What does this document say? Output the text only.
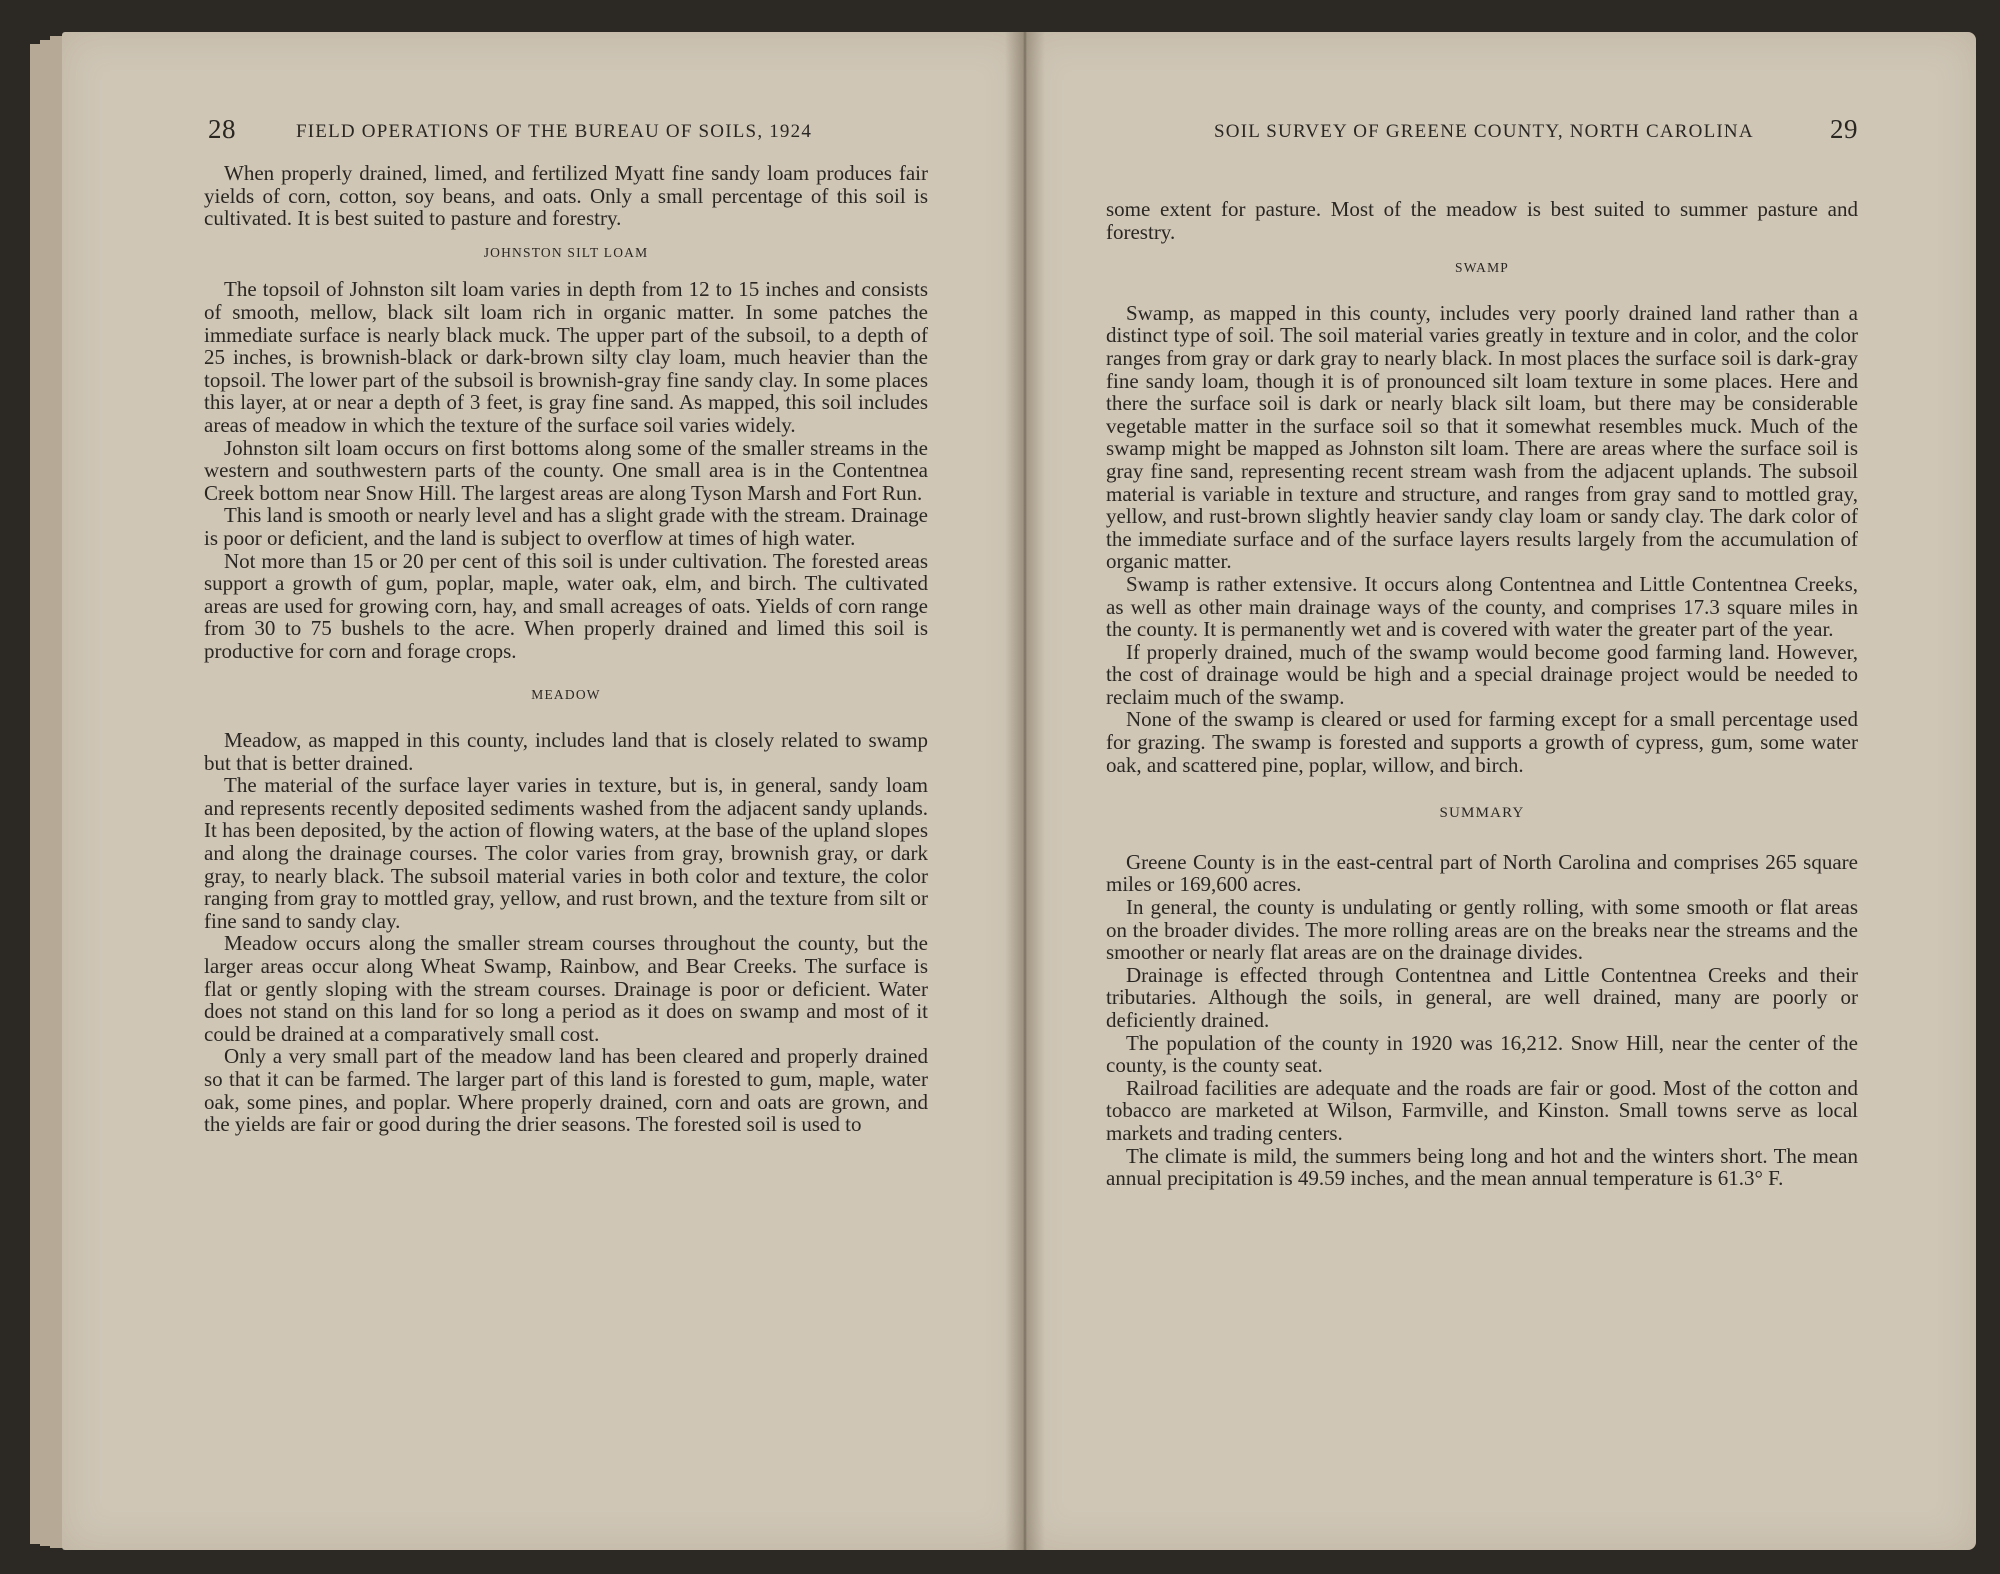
28	FIELD OPERATIONS OF THE BUREAU OF SOILS, 1924

When properly drained, limed, and fertilized Myatt fine sandy loam produces fair yields of corn, cotton, soy beans, and oats. Only a small percentage of this soil is cultivated. It is best suited to pasture and forestry.

JOHNSTON SILT LOAM

The topsoil of Johnston silt loam varies in depth from 12 to 15 inches and consists of smooth, mellow, black silt loam rich in organic matter. In some patches the immediate surface is nearly black muck. The upper part of the subsoil, to a depth of 25 inches, is brownish-black or dark-brown silty clay loam, much heavier than the topsoil. The lower part of the subsoil is brownish-gray fine sandy clay. In some places this layer, at or near a depth of 3 feet, is gray fine sand. As mapped, this soil includes areas of meadow in which the texture of the surface soil varies widely.

Johnston silt loam occurs on first bottoms along some of the smaller streams in the western and southwestern parts of the county. One small area is in the Contentnea Creek bottom near Snow Hill. The largest areas are along Tyson Marsh and Fort Run.

This land is smooth or nearly level and has a slight grade with the stream. Drainage is poor or deficient, and the land is subject to overflow at times of high water.

Not more than 15 or 20 per cent of this soil is under cultivation. The forested areas support a growth of gum, poplar, maple, water oak, elm, and birch. The cultivated areas are used for growing corn, hay, and small acreages of oats. Yields of corn range from 30 to 75 bushels to the acre. When properly drained and limed this soil is productive for corn and forage crops.

MEADOW

Meadow, as mapped in this county, includes land that is closely related to swamp but that is better drained.

The material of the surface layer varies in texture, but is, in general, sandy loam and represents recently deposited sediments washed from the adjacent sandy uplands. It has been deposited, by the action of flowing waters, at the base of the upland slopes and along the drainage courses. The color varies from gray, brownish gray, or dark gray, to nearly black. The subsoil material varies in both color and texture, the color ranging from gray to mottled gray, yellow, and rust brown, and the texture from silt or fine sand to sandy clay.

Meadow occurs along the smaller stream courses throughout the county, but the larger areas occur along Wheat Swamp, Rainbow, and Bear Creeks. The surface is flat or gently sloping with the stream courses. Drainage is poor or deficient. Water does not stand on this land for so long a period as it does on swamp and most of it could be drained at a comparatively small cost.

Only a very small part of the meadow land has been cleared and properly drained so that it can be farmed. The larger part of this land is forested to gum, maple, water oak, some pines, and poplar. Where properly drained, corn and oats are grown, and the yields are fair or good during the drier seasons. The forested soil is used to

SOIL SURVEY OF GREENE COUNTY, NORTH CAROLINA	29

some extent for pasture. Most of the meadow is best suited to summer pasture and forestry.

SWAMP

Swamp, as mapped in this county, includes very poorly drained land rather than a distinct type of soil. The soil material varies greatly in texture and in color, and the color ranges from gray or dark gray to nearly black. In most places the surface soil is dark-gray fine sandy loam, though it is of pronounced silt loam texture in some places. Here and there the surface soil is dark or nearly black silt loam, but there may be considerable vegetable matter in the surface soil so that it somewhat resembles muck. Much of the swamp might be mapped as Johnston silt loam. There are areas where the surface soil is gray fine sand, representing recent stream wash from the adjacent uplands. The subsoil material is variable in texture and structure, and ranges from gray sand to mottled gray, yellow, and rust-brown slightly heavier sandy clay loam or sandy clay. The dark color of the immediate surface and of the surface layers results largely from the accumulation of organic matter.

Swamp is rather extensive. It occurs along Contentnea and Little Contentnea Creeks, as well as other main drainage ways of the county, and comprises 17.3 square miles in the county. It is permanently wet and is covered with water the greater part of the year.

If properly drained, much of the swamp would become good farming land. However, the cost of drainage would be high and a special drainage project would be needed to reclaim much of the swamp.

None of the swamp is cleared or used for farming except for a small percentage used for grazing. The swamp is forested and supports a growth of cypress, gum, some water oak, and scattered pine, poplar, willow, and birch.

SUMMARY

Greene County is in the east-central part of North Carolina and comprises 265 square miles or 169,600 acres.

In general, the county is undulating or gently rolling, with some smooth or flat areas on the broader divides. The more rolling areas are on the breaks near the streams and the smoother or nearly flat areas are on the drainage divides.

Drainage is effected through Contentnea and Little Contentnea Creeks and their tributaries. Although the soils, in general, are well drained, many are poorly or deficiently drained.

The population of the county in 1920 was 16,212. Snow Hill, near the center of the county, is the county seat.

Railroad facilities are adequate and the roads are fair or good. Most of the cotton and tobacco are marketed at Wilson, Farmville, and Kinston. Small towns serve as local markets and trading centers.

The climate is mild, the summers being long and hot and the winters short. The mean annual precipitation is 49.59 inches, and the mean annual temperature is 61.3° F.
